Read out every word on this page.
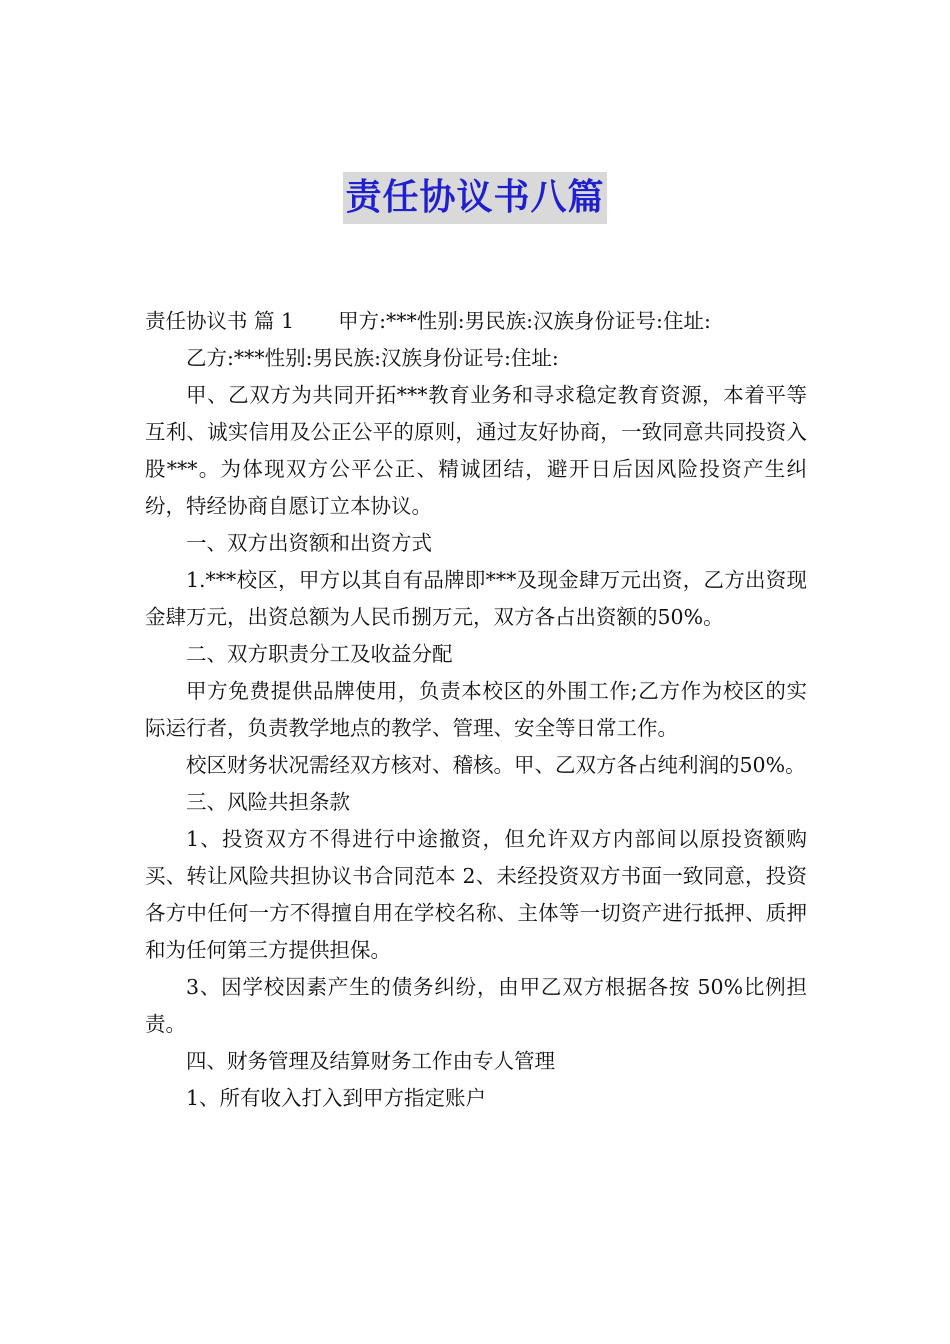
责任协议书八篇

责任协议书 篇 1 甲方:***性别:男民族:汉族身份证号:住址:

乙方:***性别:男民族:汉族身份证号:住址:

甲、乙双方为共同开拓***教育业务和寻求稳定教育资源，本着平等互利、诚实信用及公正公平的原则，通过友好协商，一致同意共同投资入股***。为体现双方公平公正、精诚团结，避开日后因风险投资产生纠纷，特经协商自愿订立本协议。

一、双方出资额和出资方式

1.***校区，甲方以其自有品牌即***及现金肆万元出资，乙方出资现金肆万元，出资总额为人民币捌万元，双方各占出资额的50%。

二、双方职责分工及收益分配

甲方免费提供品牌使用，负责本校区的外围工作;乙方作为校区的实际运行者，负责教学地点的教学、管理、安全等日常工作。

校区财务状况需经双方核对、稽核。甲、乙双方各占纯利润的50%。

三、风险共担条款

1、投资双方不得进行中途撤资，但允许双方内部间以原投资额购买、转让风险共担协议书合同范本 2、未经投资双方书面一致同意，投资各方中任何一方不得擅自用在学校名称、主体等一切资产进行抵押、质押和为任何第三方提供担保。

3、因学校因素产生的债务纠纷，由甲乙双方根据各按 50%比例担责。

四、财务管理及结算财务工作由专人管理

1、所有收入打入到甲方指定账户
